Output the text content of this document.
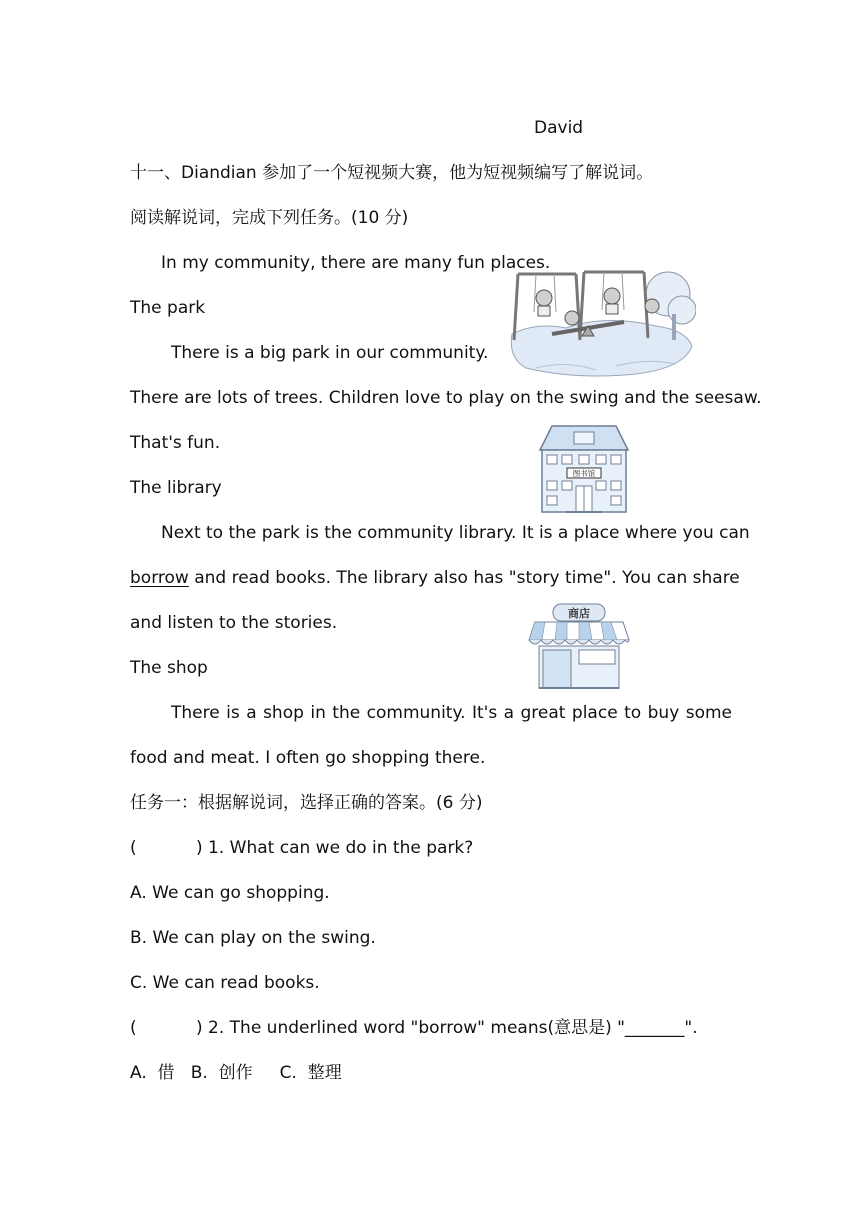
David
十一、Diandian 参加了一个短视频大赛，他为短视频编写了解说词。
阅读解说词，完成下列任务。(10 分)
In my community, there are many fun places.
The park
There is a big park in our community.
There are lots of trees. Children love to play on the swing and the seesaw.
That's fun.
The library
Next to the park is the community library. It is a place where you can
borrow and read books. The library also has "story time". You can share
and listen to the stories.
The shop
There is a shop in the community. It's a great place to buy some
food and meat. I often go shopping there.
任务一：根据解说词，选择正确的答案。(6 分)
(	) 1. What can we do in the park?
A. We can go shopping.
B. We can play on the swing.
C. We can read books.
(	) 2. The underlined word "borrow" means(意思是) "_______".
A.  借   B.  创作     C.  整理
图书馆
商店
